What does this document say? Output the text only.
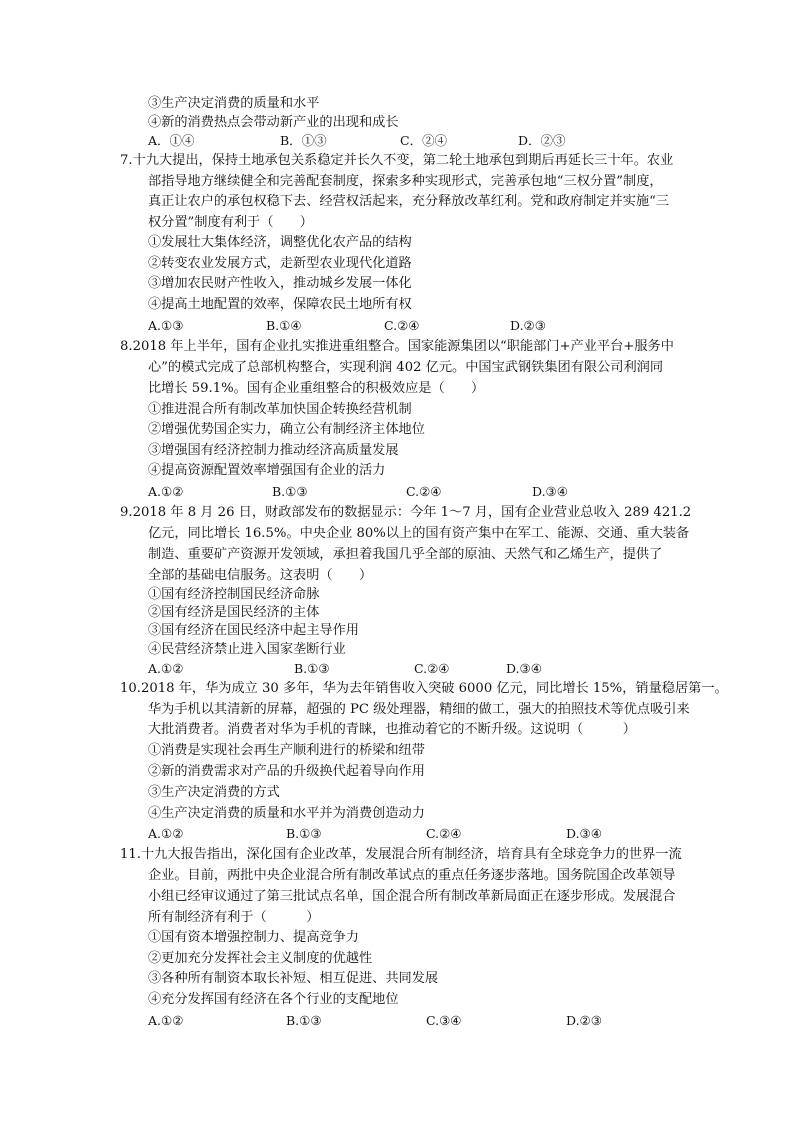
③生产决定消费的质量和水平
④新的消费热点会带动新产业的出现和成长
A．①④	B．①③	C．②④	D．②③
7.十九大提出，保持土地承包关系稳定并长久不变，第二轮土地承包到期后再延长三十年。农业
部指导地方继续健全和完善配套制度，探索多种实现形式，完善承包地“三权分置”制度，
真正让农户的承包权稳下去、经营权活起来，充分释放改革红利。党和政府制定并实施“三
权分置”制度有利于（　　）
①发展壮大集体经济，调整优化农产品的结构
②转变农业发展方式，走新型农业现代化道路
③增加农民财产性收入，推动城乡发展一体化
④提高土地配置的效率，保障农民土地所有权
A.①③	B.①④	C.②④	D.②③
8.2018 年上半年，国有企业扎实推进重组整合。国家能源集团以“职能部门+产业平台+服务中
心”的模式完成了总部机构整合，实现利润 402 亿元。中国宝武钢铁集团有限公司利润同
比增长 59.1%。国有企业重组整合的积极效应是（　　）
①推进混合所有制改革加快国企转换经营机制
②增强优势国企实力，确立公有制经济主体地位
③增强国有经济控制力推动经济高质量发展
④提高资源配置效率增强国有企业的活力
A.①②	B.①③	C.②④	D.③④
9.2018 年 8 月 26 日，财政部发布的数据显示：今年 1～7 月，国有企业营业总收入 289 421.2
亿元，同比增长 16.5%。中央企业 80%以上的国有资产集中在军工、能源、交通、重大装备
制造、重要矿产资源开发领域，承担着我国几乎全部的原油、天然气和乙烯生产，提供了
全部的基础电信服务。这表明（　　）
①国有经济控制国民经济命脉
②国有经济是国民经济的主体
③国有经济在国民经济中起主导作用
④民营经济禁止进入国家垄断行业
A.①②	B.①③	C.②④	D.③④
10.2018 年，华为成立 30 多年，华为去年销售收入突破 6000 亿元，同比增长 15%，销量稳居第一。
华为手机以其清新的屏幕，超强的 PC 级处理器，精细的做工，强大的拍照技术等优点吸引来
大批消费者。消费者对华为手机的青睐，也推动着它的不断升级。这说明（　　　）
①消费是实现社会再生产顺利进行的桥梁和纽带
②新的消费需求对产品的升级换代起着导向作用
③生产决定消费的方式
④生产决定消费的质量和水平并为消费创造动力
A.①②	B.①③	C.②④	D.③④
11.十九大报告指出，深化国有企业改革，发展混合所有制经济，培育具有全球竞争力的世界一流
企业。目前，两批中央企业混合所有制改革试点的重点任务逐步落地。国务院国企改革领导
小组已经审议通过了第三批试点名单，国企混合所有制改革新局面正在逐步形成。发展混合
所有制经济有利于（　　　）
①国有资本增强控制力、提高竞争力
②更加充分发挥社会主义制度的优越性
③各种所有制资本取长补短、相互促进、共同发展
④充分发挥国有经济在各个行业的支配地位
A.①②	B.①③	C.③④	D.②③
